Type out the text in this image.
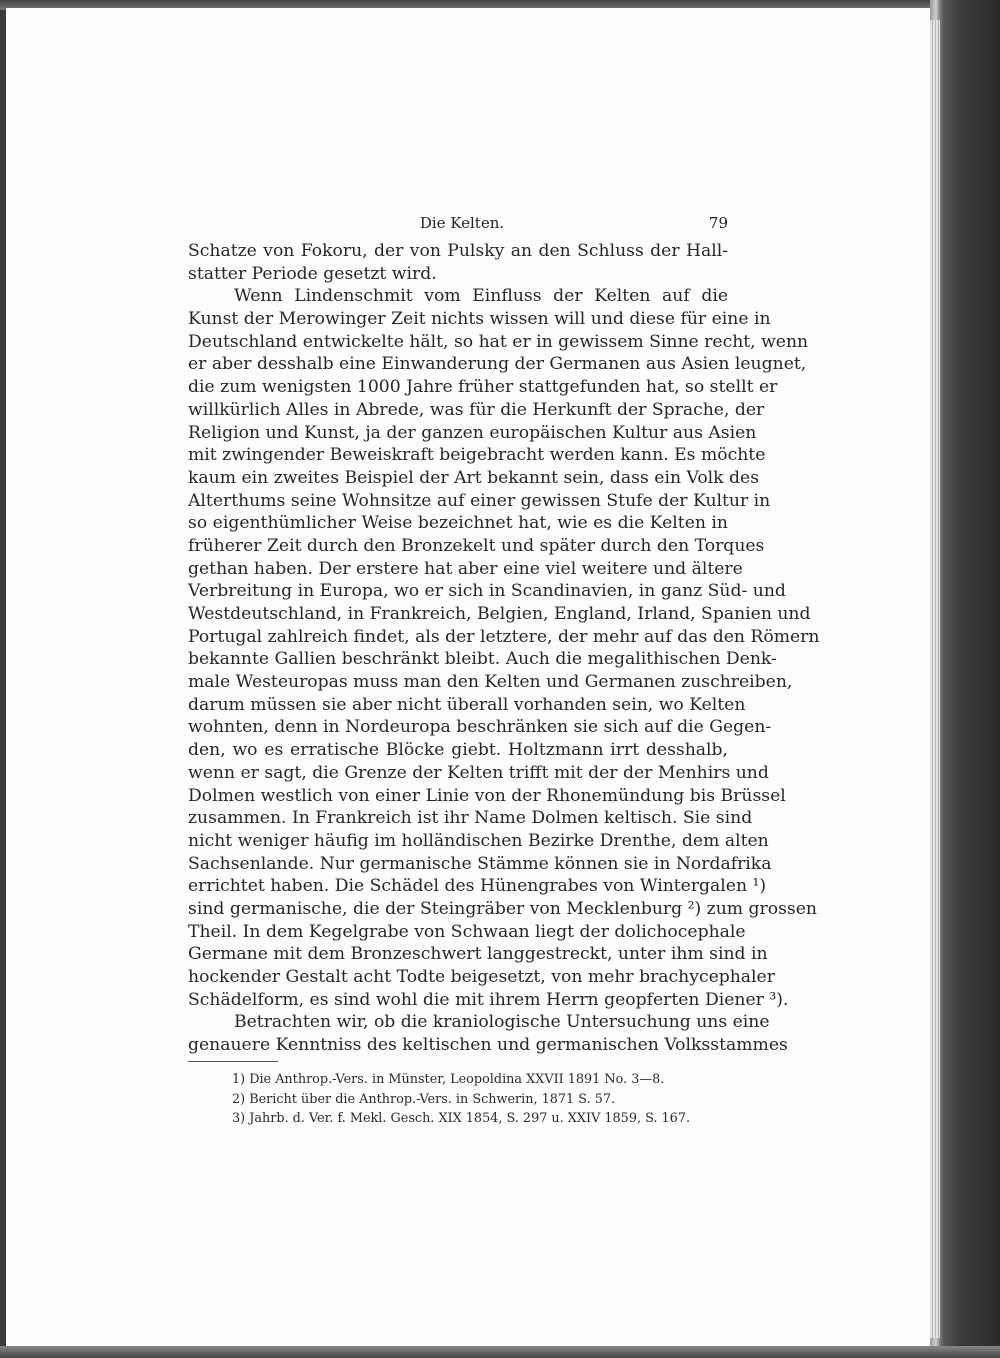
Die Kelten.	79
Schatze von Fokoru, der von Pulsky an den Schluss der Hall-
statter Periode gesetzt wird.
Wenn Lindenschmit vom Einfluss der Kelten auf die
Kunst der Merowinger Zeit nichts wissen will und diese für eine in
Deutschland entwickelte hält, so hat er in gewissem Sinne recht, wenn
er aber desshalb eine Einwanderung der Germanen aus Asien leugnet,
die zum wenigsten 1000 Jahre früher stattgefunden hat, so stellt er
willkürlich Alles in Abrede, was für die Herkunft der Sprache, der
Religion und Kunst, ja der ganzen europäischen Kultur aus Asien
mit zwingender Beweiskraft beigebracht werden kann. Es möchte
kaum ein zweites Beispiel der Art bekannt sein, dass ein Volk des
Alterthums seine Wohnsitze auf einer gewissen Stufe der Kultur in
so eigenthümlicher Weise bezeichnet hat, wie es die Kelten in
früherer Zeit durch den Bronzekelt und später durch den Torques
gethan haben. Der erstere hat aber eine viel weitere und ältere
Verbreitung in Europa, wo er sich in Scandinavien, in ganz Süd- und
Westdeutschland, in Frankreich, Belgien, England, Irland, Spanien und
Portugal zahlreich findet, als der letztere, der mehr auf das den Römern
bekannte Gallien beschränkt bleibt. Auch die megalithischen Denk-
male Westeuropas muss man den Kelten und Germanen zuschreiben,
darum müssen sie aber nicht überall vorhanden sein, wo Kelten
wohnten, denn in Nordeuropa beschränken sie sich auf die Gegen-
den, wo es erratische Blöcke giebt. Holtzmann irrt desshalb,
wenn er sagt, die Grenze der Kelten trifft mit der der Menhirs und
Dolmen westlich von einer Linie von der Rhonemündung bis Brüssel
zusammen. In Frankreich ist ihr Name Dolmen keltisch. Sie sind
nicht weniger häufig im holländischen Bezirke Drenthe, dem alten
Sachsenlande. Nur germanische Stämme können sie in Nordafrika
errichtet haben. Die Schädel des Hünengrabes von Wintergalen ¹)
sind germanische, die der Steingräber von Mecklenburg ²) zum grossen
Theil. In dem Kegelgrabe von Schwaan liegt der dolichocephale
Germane mit dem Bronzeschwert langgestreckt, unter ihm sind in
hockender Gestalt acht Todte beigesetzt, von mehr brachycephaler
Schädelform, es sind wohl die mit ihrem Herrn geopferten Diener ³).
Betrachten wir, ob die kraniologische Untersuchung uns eine
genauere Kenntniss des keltischen und germanischen Volksstammes
1) Die Anthrop.-Vers. in Münster, Leopoldina XXVII 1891 No. 3—8.
2) Bericht über die Anthrop.-Vers. in Schwerin, 1871 S. 57.
3) Jahrb. d. Ver. f. Mekl. Gesch. XIX 1854, S. 297 u. XXIV 1859, S. 167.
